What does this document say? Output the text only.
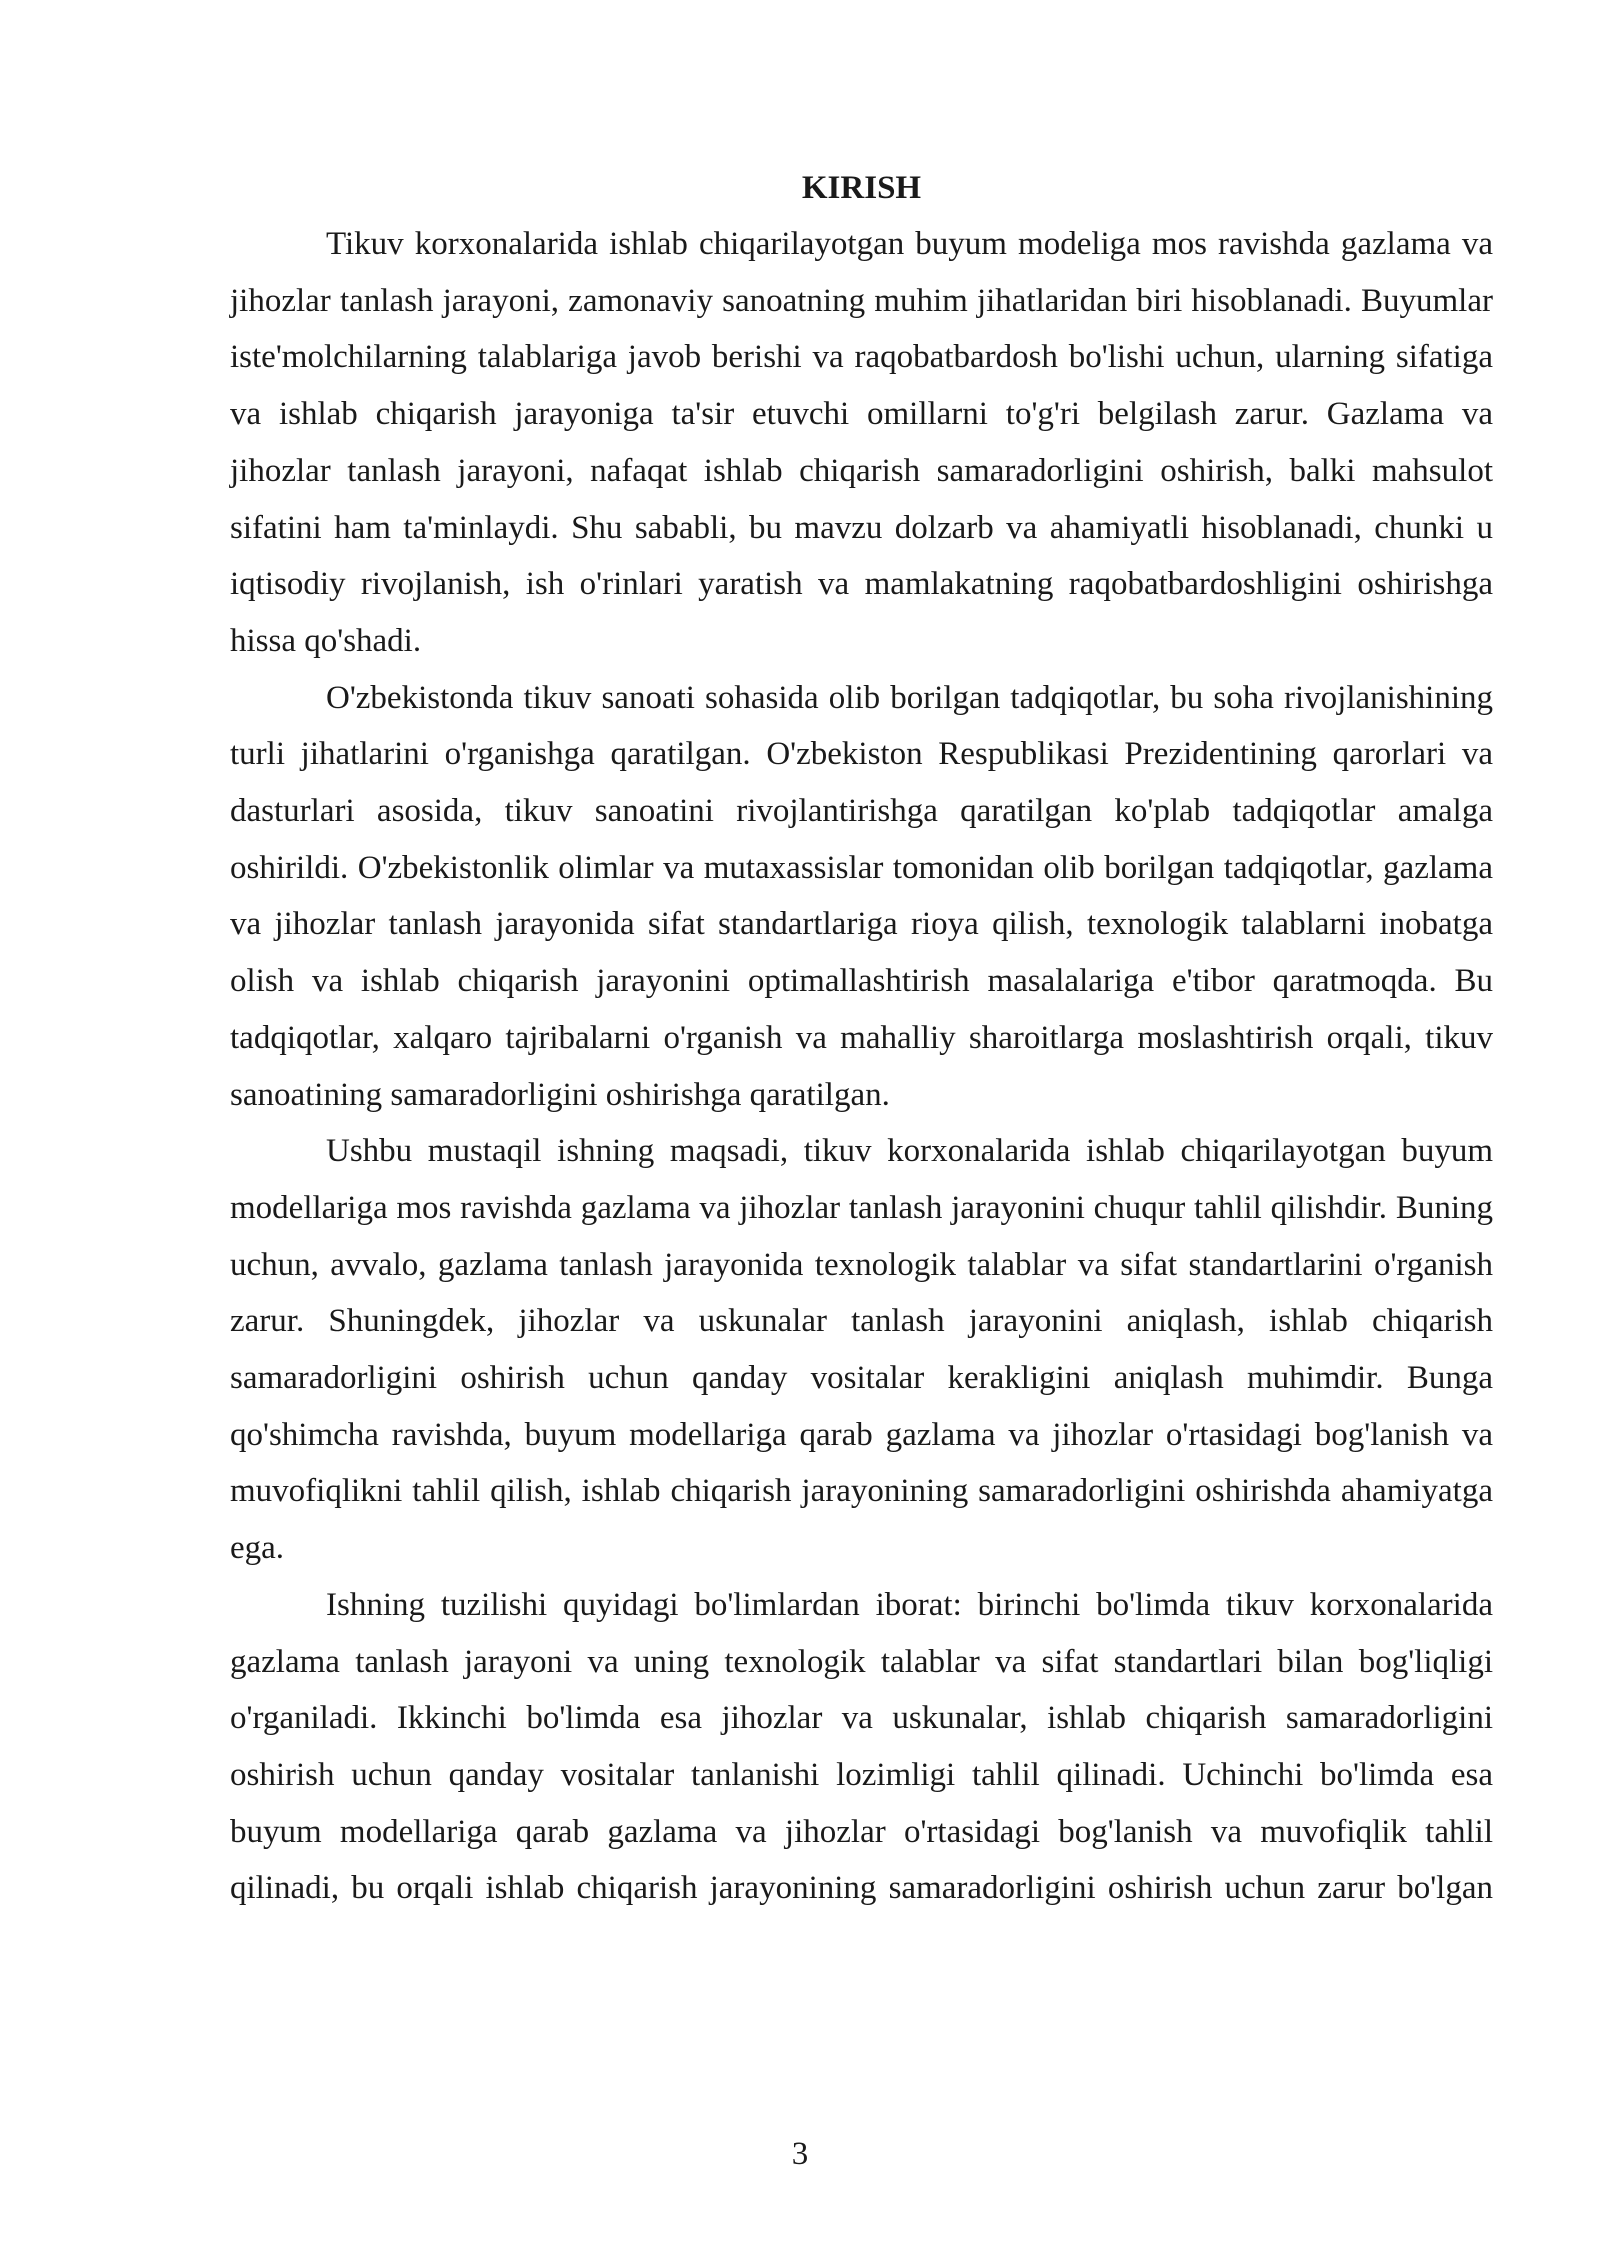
KIRISH

Tikuv korxonalarida ishlab chiqarilayotgan buyum modeliga mos ravishda gazlama va jihozlar tanlash jarayoni, zamonaviy sanoatning muhim jihatlaridan biri hisoblanadi. Buyumlar iste'molchilarning talablariga javob berishi va raqobatbardosh bo'lishi uchun, ularning sifatiga va ishlab chiqarish jarayoniga ta'sir etuvchi omillarni to'g'ri belgilash zarur. Gazlama va jihozlar tanlash jarayoni, nafaqat ishlab chiqarish samaradorligini oshirish, balki mahsulot sifatini ham ta'minlaydi. Shu sababli, bu mavzu dolzarb va ahamiyatli hisoblanadi, chunki u iqtisodiy rivojlanish, ish o'rinlari yaratish va mamlakatning raqobatbardoshligini oshirishga hissa qo'shadi.

O'zbekistonda tikuv sanoati sohasida olib borilgan tadqiqotlar, bu soha rivojlanishining turli jihatlarini o'rganishga qaratilgan. O'zbekiston Respublikasi Prezidentining qarorlari va dasturlari asosida, tikuv sanoatini rivojlantirishga qaratilgan ko'plab tadqiqotlar amalga oshirildi. O'zbekistonlik olimlar va mutaxassislar tomonidan olib borilgan tadqiqotlar, gazlama va jihozlar tanlash jarayonida sifat standartlariga rioya qilish, texnologik talablarni inobatga olish va ishlab chiqarish jarayonini optimallashtirish masalalariga e'tibor qaratmoqda. Bu tadqiqotlar, xalqaro tajribalarni o'rganish va mahalliy sharoitlarga moslashtirish orqali, tikuv sanoatining samaradorligini oshirishga qaratilgan.

Ushbu mustaqil ishning maqsadi, tikuv korxonalarida ishlab chiqarilayotgan buyum modellariga mos ravishda gazlama va jihozlar tanlash jarayonini chuqur tahlil qilishdir. Buning uchun, avvalo, gazlama tanlash jarayonida texnologik talablar va sifat standartlarini o'rganish zarur. Shuningdek, jihozlar va uskunalar tanlash jarayonini aniqlash, ishlab chiqarish samaradorligini oshirish uchun qanday vositalar kerakligini aniqlash muhimdir. Bunga qo'shimcha ravishda, buyum modellariga qarab gazlama va jihozlar o'rtasidagi bog'lanish va muvofiqlikni tahlil qilish, ishlab chiqarish jarayonining samaradorligini oshirishda ahamiyatga ega.

Ishning tuzilishi quyidagi bo'limlardan iborat: birinchi bo'limda tikuv korxonalarida gazlama tanlash jarayoni va uning texnologik talablar va sifat standartlari bilan bog'liqligi o'rganiladi. Ikkinchi bo'limda esa jihozlar va uskunalar, ishlab chiqarish samaradorligini oshirish uchun qanday vositalar tanlanishi lozimligi tahlil qilinadi. Uchinchi bo'limda esa buyum modellariga qarab gazlama va jihozlar o'rtasidagi bog'lanish va muvofiqlik tahlil qilinadi, bu orqali ishlab chiqarish jarayonining samaradorligini oshirish uchun zarur bo'lgan

3
